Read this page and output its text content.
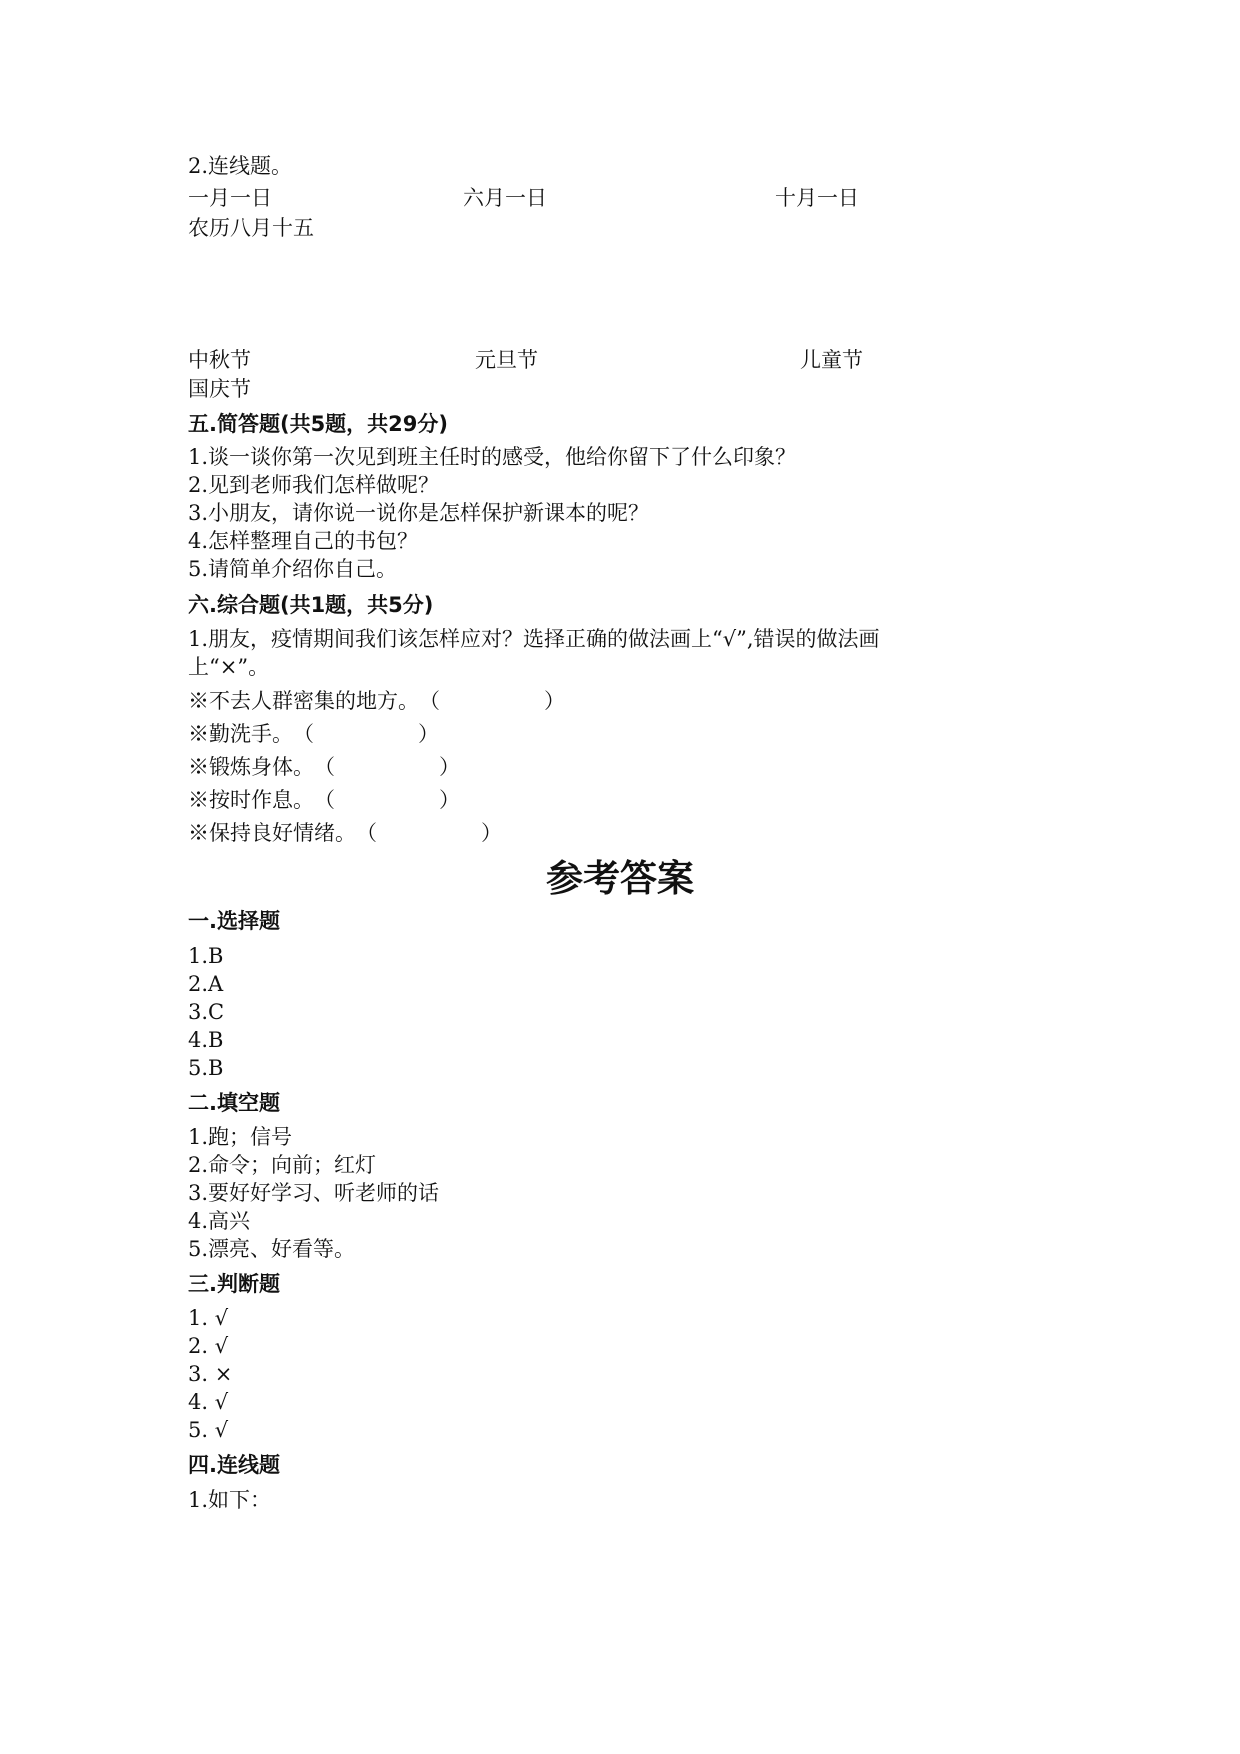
2.连线题。
一月一日	六月一日	十月一日
农历八月十五
中秋节	元旦节	儿童节
国庆节
五.简答题(共5题，共29分)
1.谈一谈你第一次见到班主任时的感受，他给你留下了什么印象？
2.见到老师我们怎样做呢？
3.小朋友，请你说一说你是怎样保护新课本的呢？
4.怎样整理自己的书包？
5.请简单介绍你自己。
六.综合题(共1题，共5分)
1.朋友，疫情期间我们该怎样应对？选择正确的做法画上“√”,错误的做法画
上“×”。
※不去人群密集的地方。（	）
※勤洗手。（	）
※锻炼身体。（	）
※按时作息。（	）
※保持良好情绪。（	）
参考答案
一.选择题
1.B
2.A
3.C
4.B
5.B
二.填空题
1.跑；信号
2.命令；向前；红灯
3.要好好学习、听老师的话
4.高兴
5.漂亮、好看等。
三.判断题
1. √
2. √
3. ×
4. √
5. √
四.连线题
1.如下：
